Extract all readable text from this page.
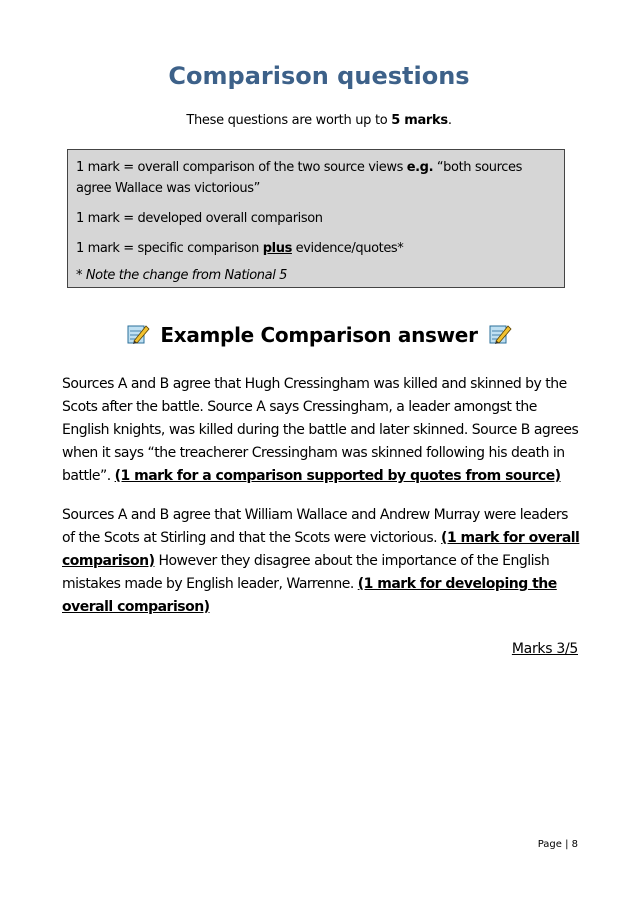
Comparison questions
These questions are worth up to 5 marks.

1 mark = overall comparison of the two source views e.g. “both sources agree Wallace was victorious”

1 mark = developed overall comparison

1 mark = specific comparison plus evidence/quotes*

* Note the change from National 5

Example Comparison answer
Sources A and B agree that Hugh Cressingham was killed and skinned by the Scots after the battle. Source A says Cressingham, a leader amongst the English knights, was killed during the battle and later skinned. Source B agrees when it says “the treacherer Cressingham was skinned following his death in battle”. (1 mark for a comparison supported by quotes from source)
Sources A and B agree that William Wallace and Andrew Murray were leaders of the Scots at Stirling and that the Scots were victorious. (1 mark for overall comparison) However they disagree about the importance of the English mistakes made by English leader, Warrenne. (1 mark for developing the overall comparison)
Marks 3/5
Page | 8
